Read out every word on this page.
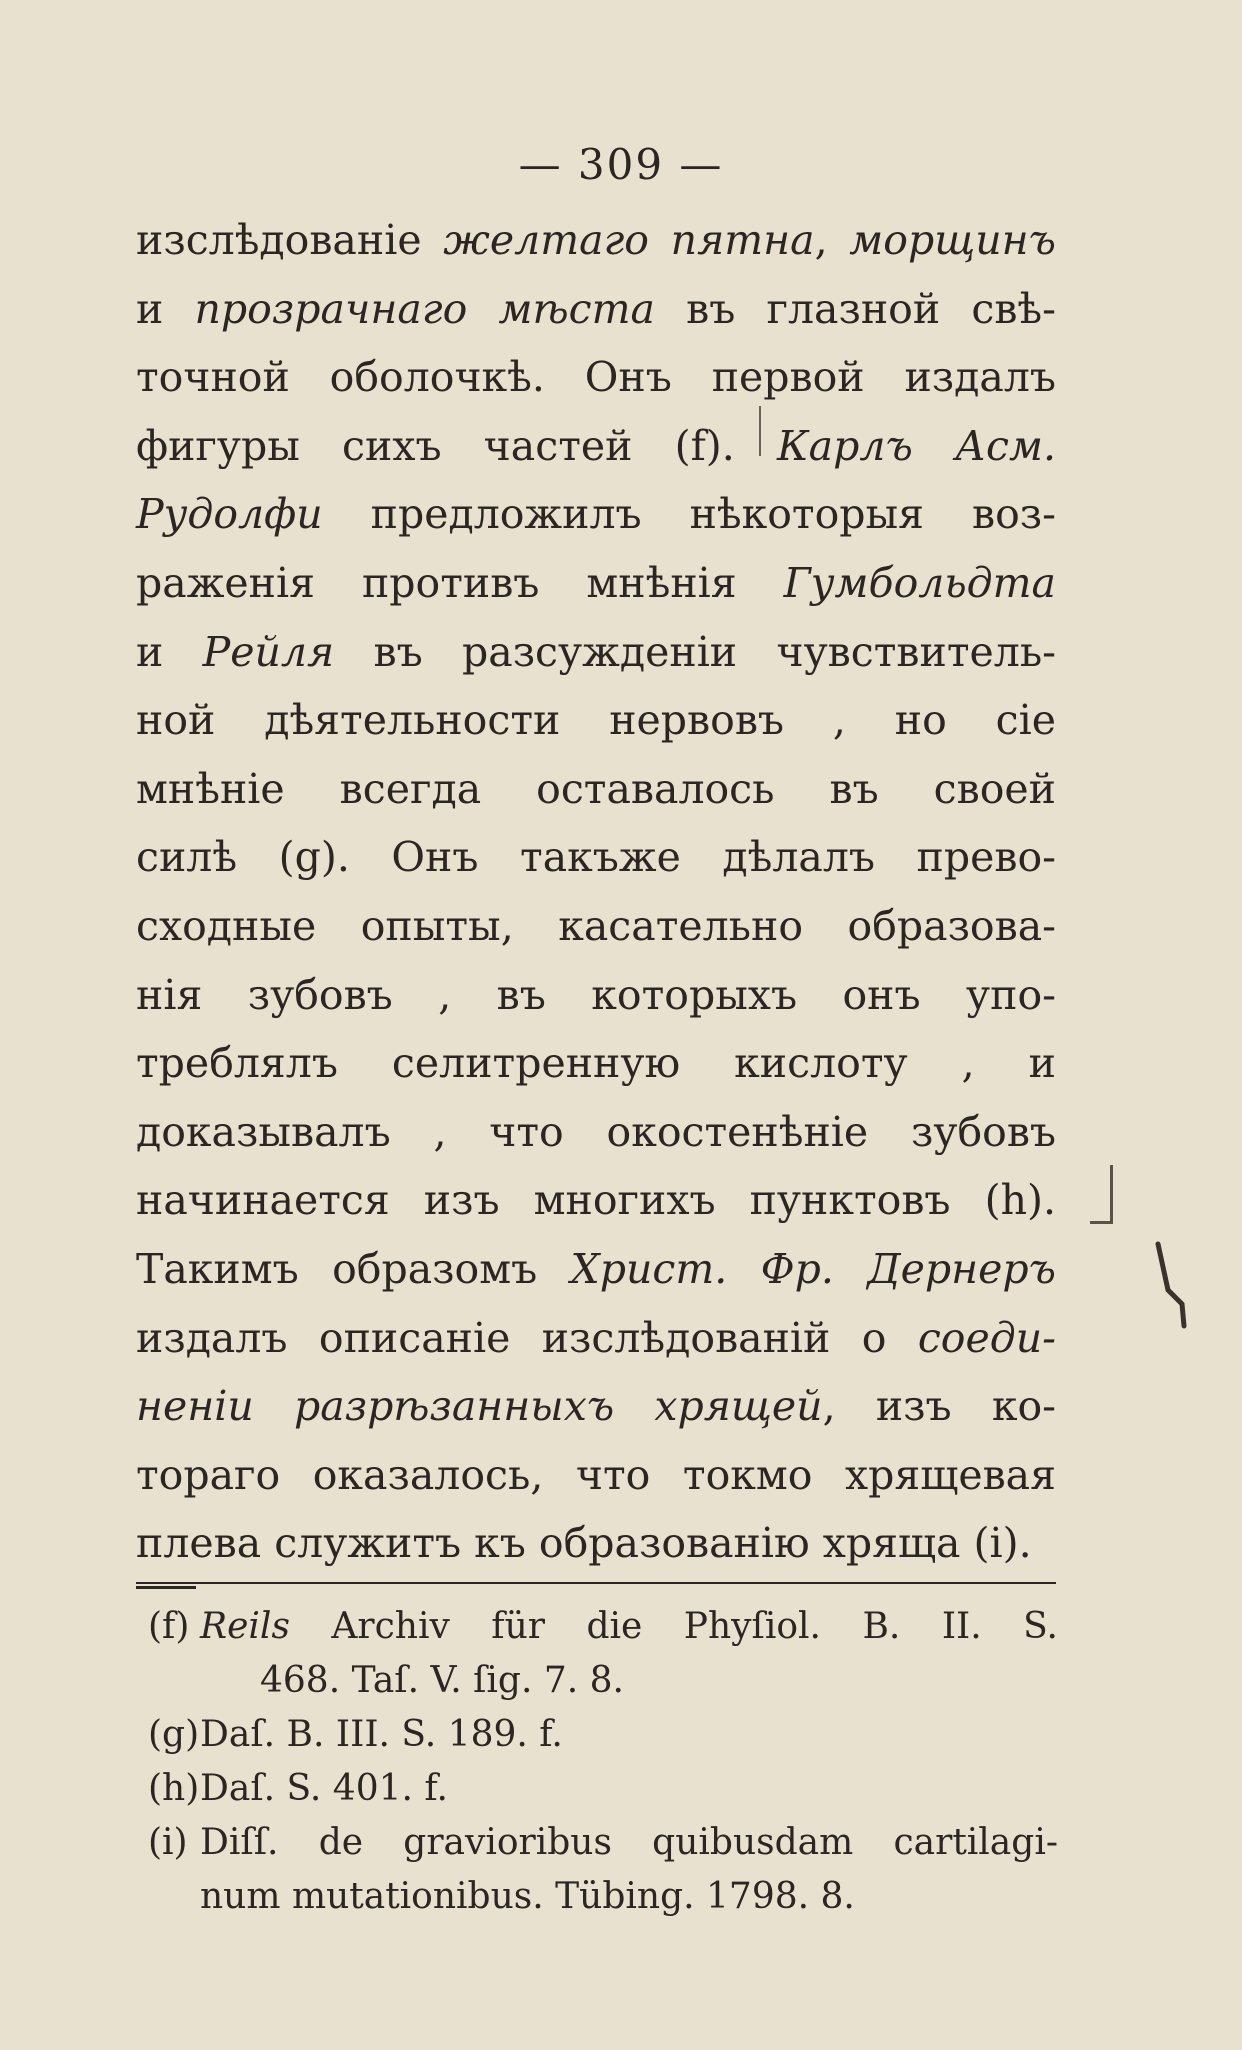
— 309 —
изслѣдованіе желтаго пятна, морщинъ
и прозрачнаго мѣста въ глазной свѣ-
точной оболочкѣ. Онъ первой издалъ
фигуры сихъ частей (f). Карлъ Асм.
Рудолфи предложилъ нѣкоторыя воз-
раженія противъ мнѣнія Гумбольдта
и Рейля въ разсужденіи чувствитель-
ной дѣятельности нервовъ , но сіе
мнѣніе всегда оставалось въ своей
силѣ (g). Онъ такъже дѣлалъ прево-
сходные опыты, касательно образова-
нія зубовъ , въ которыхъ онъ упо-
треблялъ селитренную кислоту , и
доказывалъ , что окостенѣніе зубовъ
начинается изъ многихъ пунктовъ (h).
Такимъ образомъ Христ. Фр. Дернеръ
издалъ описаніе изслѣдованій о соеди-
неніи разрѣзанныхъ хрящей, изъ ко-
тораго оказалось, что токмо хрящевая
плева служитъ къ образованію хряща (i).
(f) Reils Archiv für die Phyſiol. B. II. S.
468. Taſ. V. ſig. 7. 8.
(g) Daſ. B. III. S. 189. f.
(h) Daſ. S. 401. f.
(i) Diſſ. de gravioribus quibusdam cartilagi-
num mutationibus. Tübing. 1798. 8.
